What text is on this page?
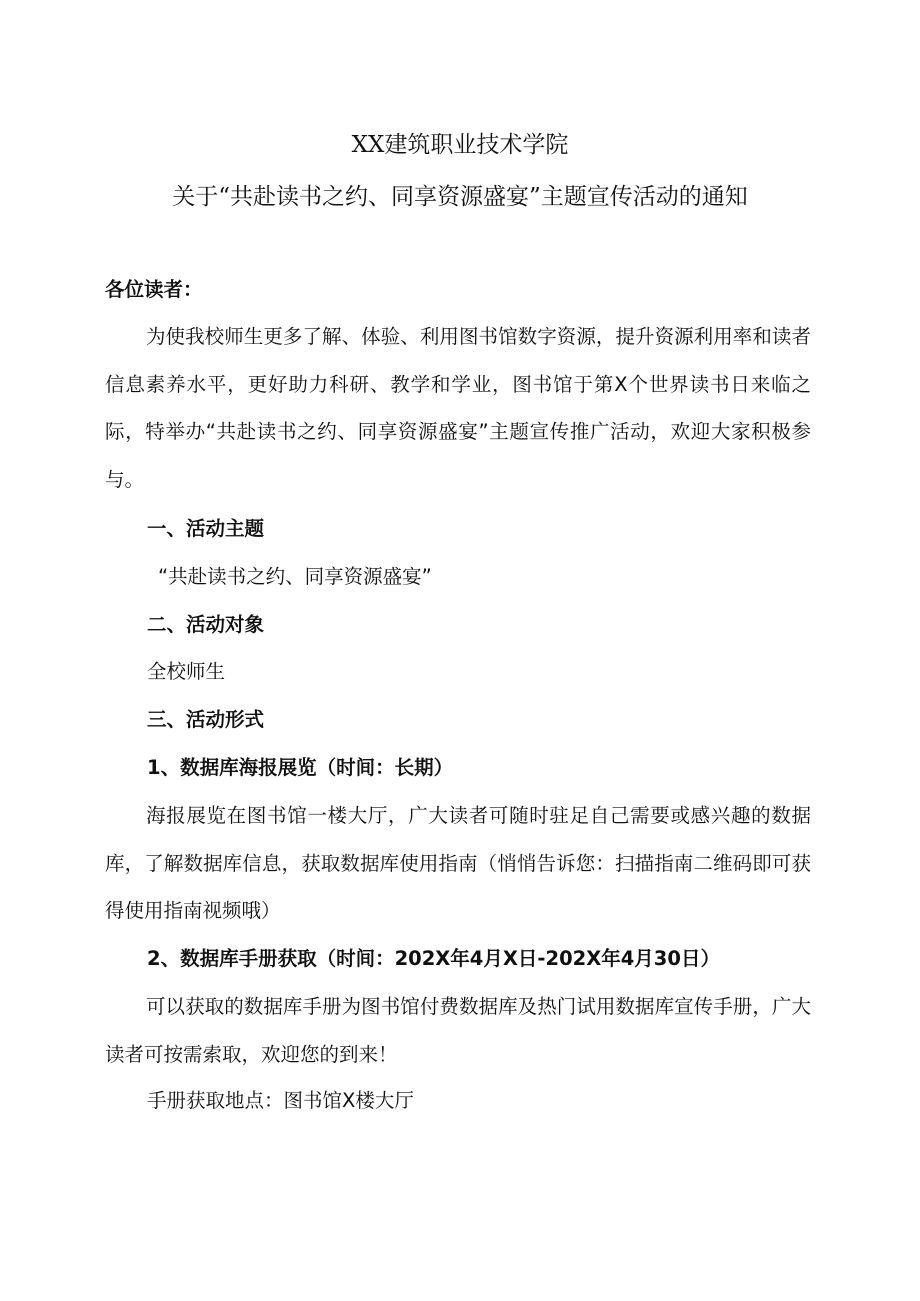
XX建筑职业技术学院
关于“共赴读书之约、同享资源盛宴”主题宣传活动的通知
各位读者：

为使我校师生更多了解、体验、利用图书馆数字资源，提升资源利用率和读者信息素养水平，更好助力科研、教学和学业，图书馆于第X个世界读书日来临之际，特举办“共赴读书之约、同享资源盛宴”主题宣传推广活动，欢迎大家积极参与。

一、活动主题
“共赴读书之约、同享资源盛宴”
二、活动对象
全校师生
三、活动形式
1、数据库海报展览（时间：长期）

海报展览在图书馆一楼大厅，广大读者可随时驻足自己需要或感兴趣的数据库，了解数据库信息，获取数据库使用指南（悄悄告诉您：扫描指南二维码即可获得使用指南视频哦）

2、数据库手册获取（时间：202X年4月X日-202X年4月30日）

可以获取的数据库手册为图书馆付费数据库及热门试用数据库宣传手册，广大读者可按需索取，欢迎您的到来！

手册获取地点：图书馆X楼大厅
